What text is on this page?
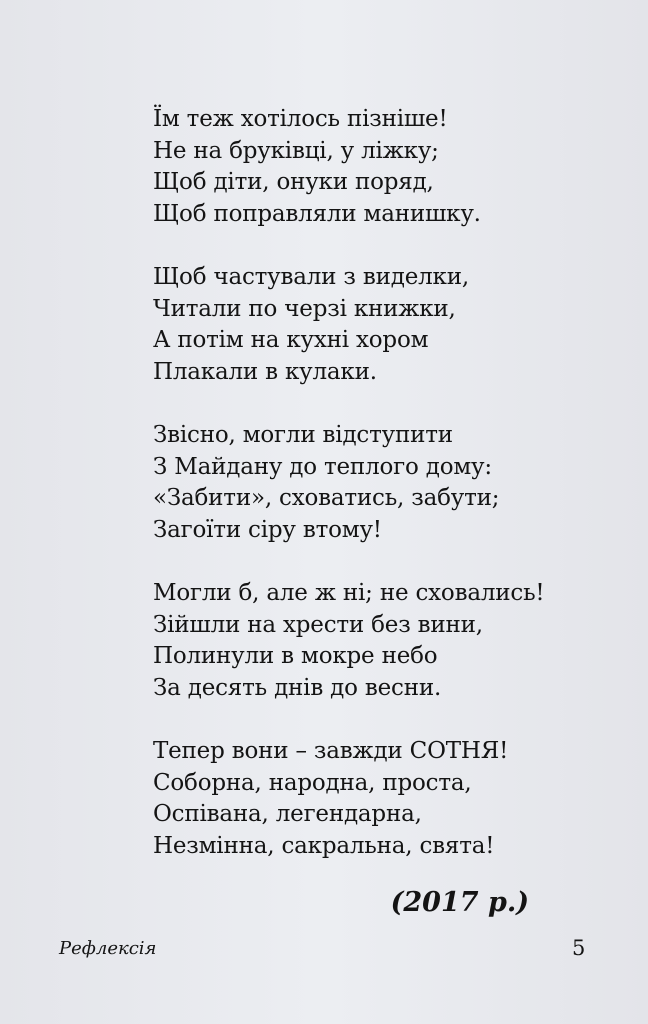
Їм теж хотілось пізніше!
Не на бруківці, у ліжку;
Щоб діти, онуки поряд,
Щоб поправляли манишку.
Щоб частували з виделки,
Читали по черзі книжки,
А потім на кухні хором
Плакали в кулаки.
Звісно, могли відступити
З Майдану до теплого дому:
«Забити», сховатись, забути;
Загоїти сіру втому!
Могли б, але ж ні; не сховались!
Зійшли на хрести без вини,
Полинули в мокре небо
За десять днів до весни.
Тепер вони – завжди СОТНЯ!
Соборна, народна, проста,
Оспівана, легендарна,
Незмінна, сакральна, свята!
(2017 р.)
Рефлексія	5
